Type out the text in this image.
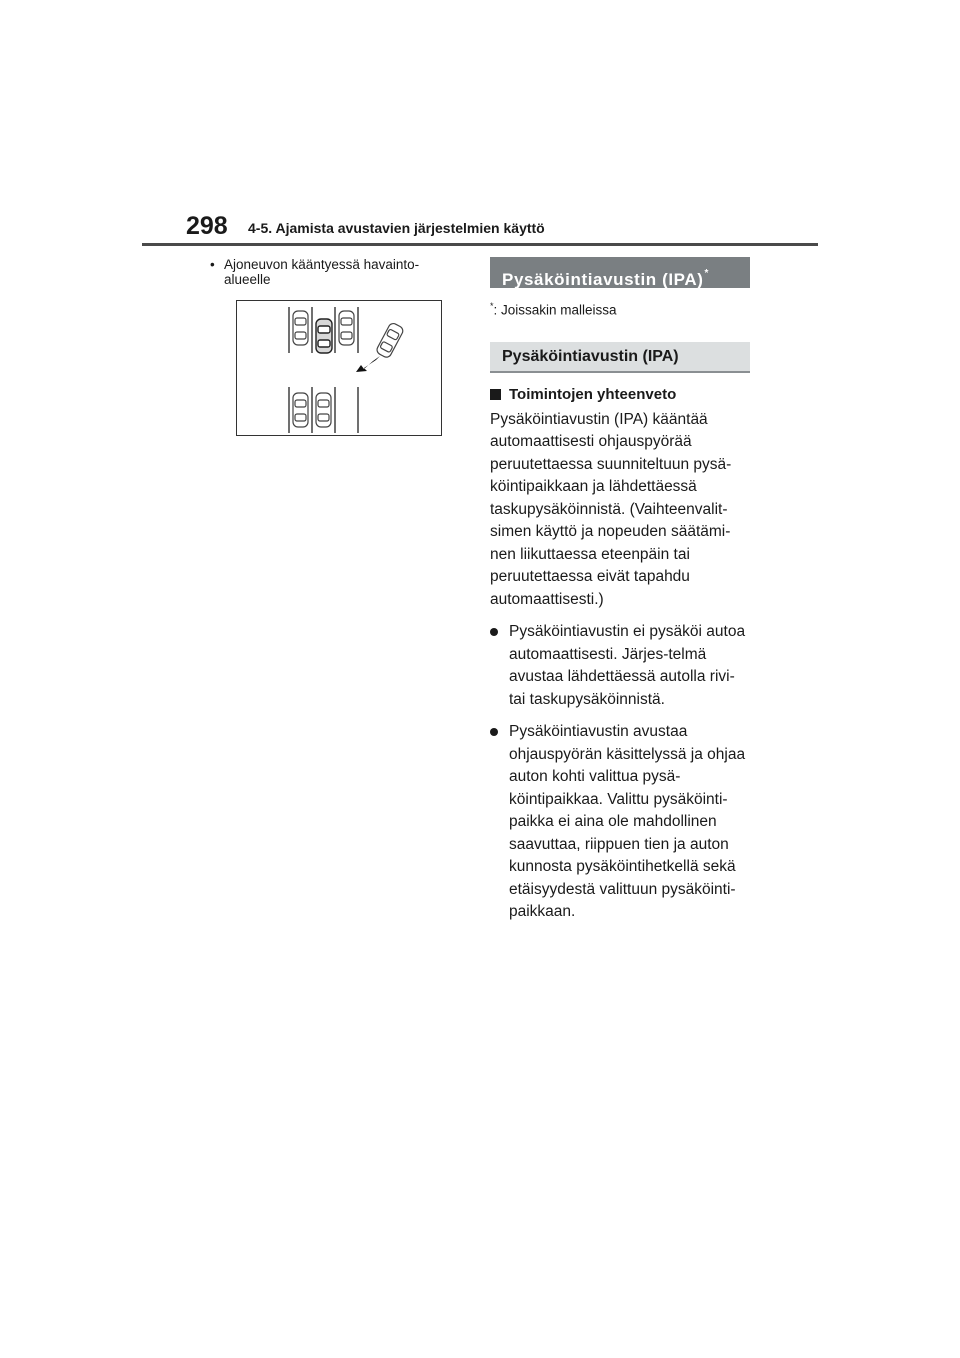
298 4-5. Ajamista avustavien järjestelmien käyttö
• Ajoneuvon kääntyessä havainto-alueelle	Pysäköintiavustin (IPA)*
*: Joissakin malleissa
Pysäköintiavustin (IPA)
Toimintojen yhteenveto
Pysäköintiavustin (IPA) kääntää automaattisesti ohjauspyörää peruutettaessa suunniteltuun pysä-köintipaikkaan ja lähdettäessä taskupysäköinnistä. (Vaihteenvalit-simen käyttö ja nopeuden säätämi-nen liikuttaessa eteenpäin tai peruutettaessa eivät tapahdu automaattisesti.)
Pysäköintiavustin ei pysäköi autoa automaattisesti. Järjes-telmä avustaa lähdettäessä autolla rivi- tai taskupysäköinnistä.
Pysäköintiavustin avustaa ohjauspyörän käsittelyssä ja ohjaa auton kohti valittua pysä-köintipaikkaa. Valittu pysäköinti-paikka ei aina ole mahdollinen saavuttaa, riippuen tien ja auton kunnosta pysäköintihetkellä sekä etäisyydestä valittuun pysäköinti-paikkaan.
